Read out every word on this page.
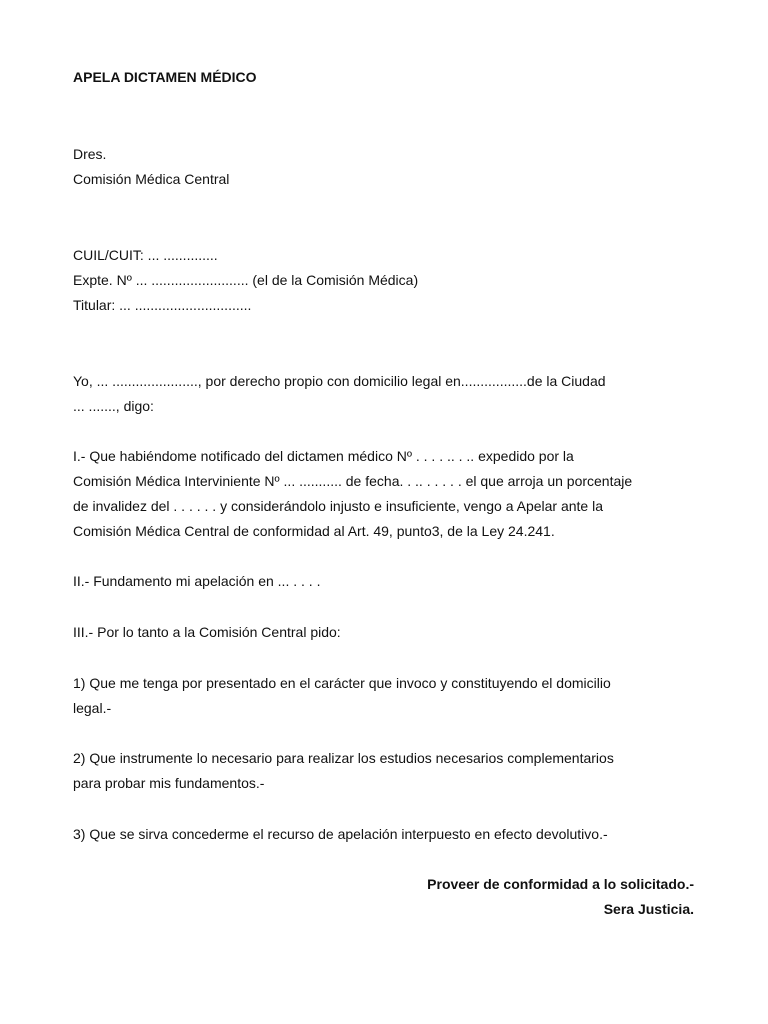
APELA DICTAMEN MÉDICO
Dres.
Comisión Médica Central
CUIL/CUIT: ... ..............
Expte. Nº ... ......................... (el de la Comisión Médica)
Titular: ... ..............................
Yo, ... ......................, por derecho propio con domicilio legal en.................de la Ciudad
... ......., digo:
I.- Que habiéndome notificado del dictamen médico Nº . . . . .. . .. expedido por la
Comisión Médica Interviniente Nº ... ........... de fecha. . .. . . . . . el que arroja un porcentaje
de invalidez del . . . . . . y considerándolo injusto e insuficiente, vengo a Apelar ante la
Comisión Médica Central de conformidad al Art. 49, punto3, de la Ley 24.241.
II.- Fundamento mi apelación en ... . . . .
III.- Por lo tanto a la Comisión Central pido:
1) Que me tenga por presentado en el carácter que invoco y constituyendo el domicilio
legal.-
2) Que instrumente lo necesario para realizar los estudios necesarios complementarios
para probar mis fundamentos.-
3) Que se sirva concederme el recurso de apelación interpuesto en efecto devolutivo.-
Proveer de conformidad a lo solicitado.-
Sera Justicia.
